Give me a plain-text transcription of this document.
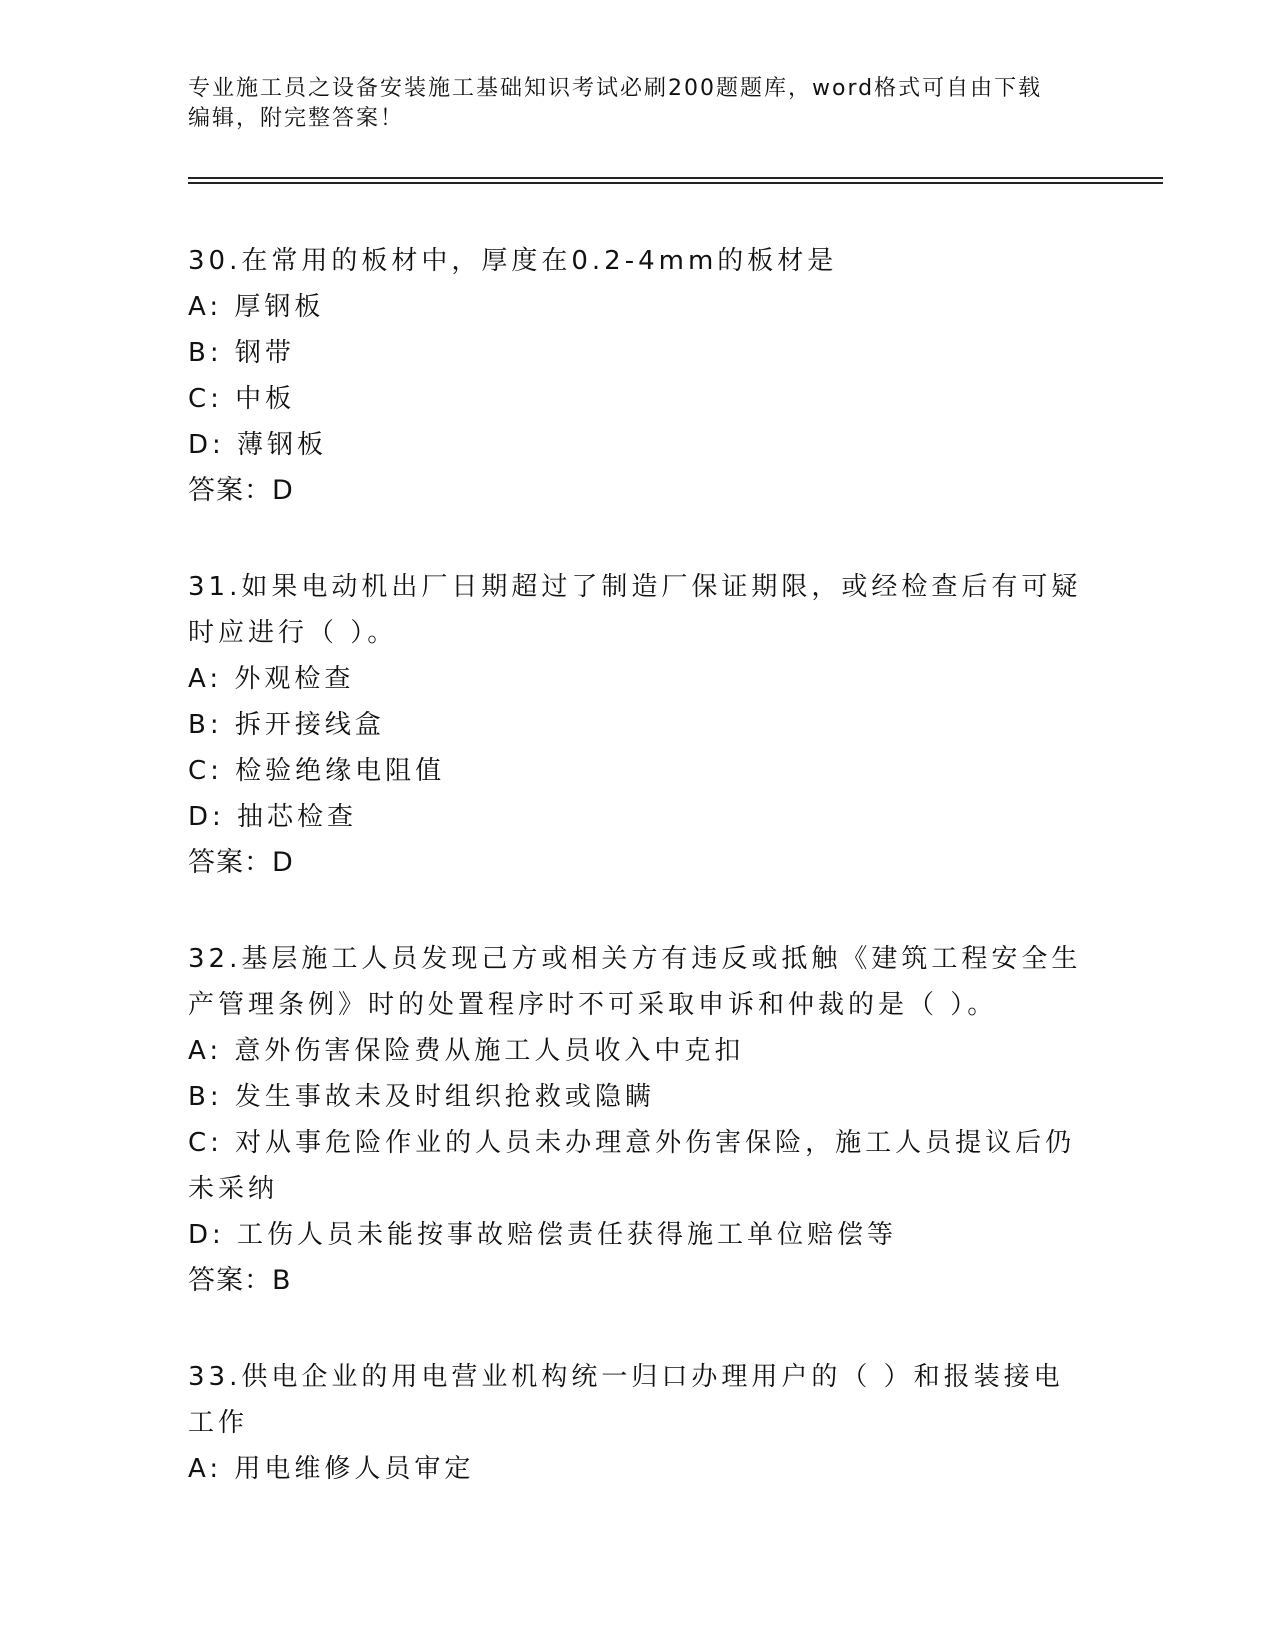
专业施工员之设备安装施工基础知识考试必刷200题题库，word格式可自由下载
编辑，附完整答案！
30.在常用的板材中，厚度在0.2-4mm的板材是
A: 厚钢板
B: 钢带
C: 中板
D: 薄钢板
答案：D
31.如果电动机出厂日期超过了制造厂保证期限，或经检查后有可疑时应进行（ ）。
A: 外观检查
B: 拆开接线盒
C: 检验绝缘电阻值
D: 抽芯检查
答案：D
32.基层施工人员发现己方或相关方有违反或抵触《建筑工程安全生产管理条例》时的处置程序时不可采取申诉和仲裁的是（ ）。
A: 意外伤害保险费从施工人员收入中克扣
B: 发生事故未及时组织抢救或隐瞒
C: 对从事危险作业的人员未办理意外伤害保险，施工人员提议后仍未采纳
D: 工伤人员未能按事故赔偿责任获得施工单位赔偿等
答案：B
33.供电企业的用电营业机构统一归口办理用户的（ ）和报装接电工作
A: 用电维修人员审定
